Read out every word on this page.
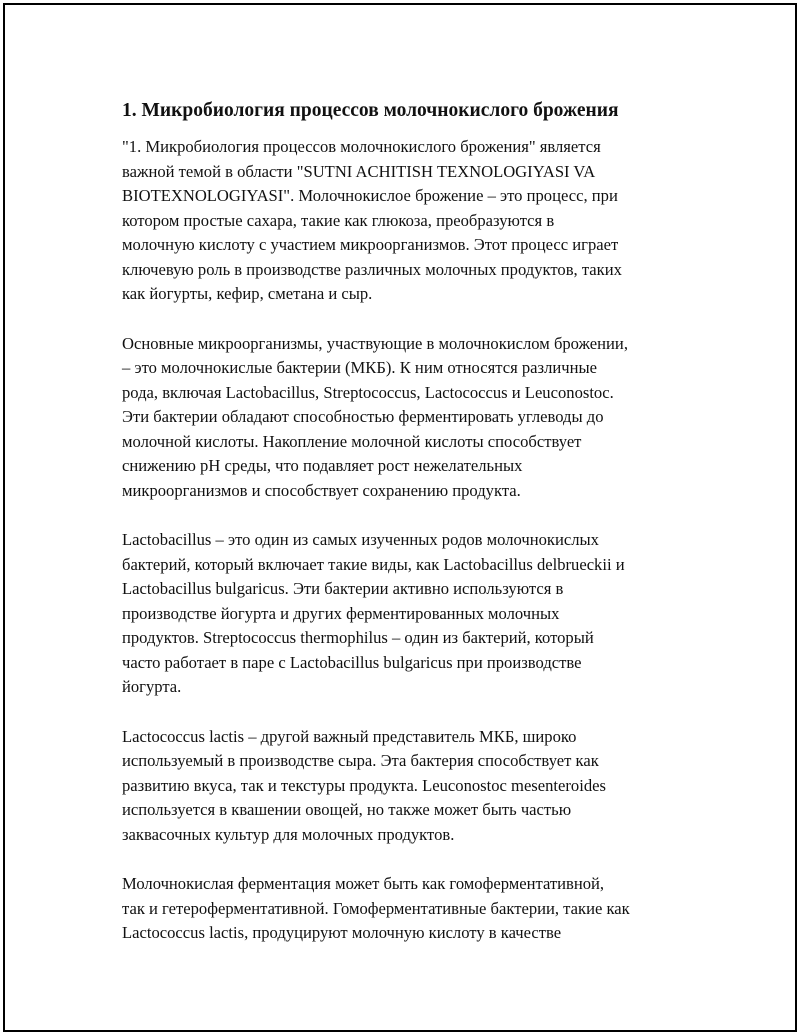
1. Микробиология процессов молочнокислого брожения

"1. Микробиология процессов молочнокислого брожения" является
важной темой в области "SUTNI ACHITISH TEXNOLOGIYASI VA
BIOTEXNOLOGIYASI". Молочнокислое брожение – это процесс, при
котором простые сахара, такие как глюкоза, преобразуются в
молочную кислоту с участием микроорганизмов. Этот процесс играет
ключевую роль в производстве различных молочных продуктов, таких
как йогурты, кефир, сметана и сыр.

Основные микроорганизмы, участвующие в молочнокислом брожении,
– это молочнокислые бактерии (МКБ). К ним относятся различные
рода, включая Lactobacillus, Streptococcus, Lactococcus и Leuconostoc.
Эти бактерии обладают способностью ферментировать углеводы до
молочной кислоты. Накопление молочной кислоты способствует
снижению pH среды, что подавляет рост нежелательных
микроорганизмов и способствует сохранению продукта.

Lactobacillus – это один из самых изученных родов молочнокислых
бактерий, который включает такие виды, как Lactobacillus delbrueckii и
Lactobacillus bulgaricus. Эти бактерии активно используются в
производстве йогурта и других ферментированных молочных
продуктов. Streptococcus thermophilus – один из бактерий, который
часто работает в паре с Lactobacillus bulgaricus при производстве
йогурта.

Lactococcus lactis – другой важный представитель МКБ, широко
используемый в производстве сыра. Эта бактерия способствует как
развитию вкуса, так и текстуры продукта. Leuconostoc mesenteroides
используется в квашении овощей, но также может быть частью
заквасочных культур для молочных продуктов.

Молочнокислая ферментация может быть как гомоферментативной,
так и гетероферментативной. Гомоферментативные бактерии, такие как
Lactococcus lactis, продуцируют молочную кислоту в качестве
